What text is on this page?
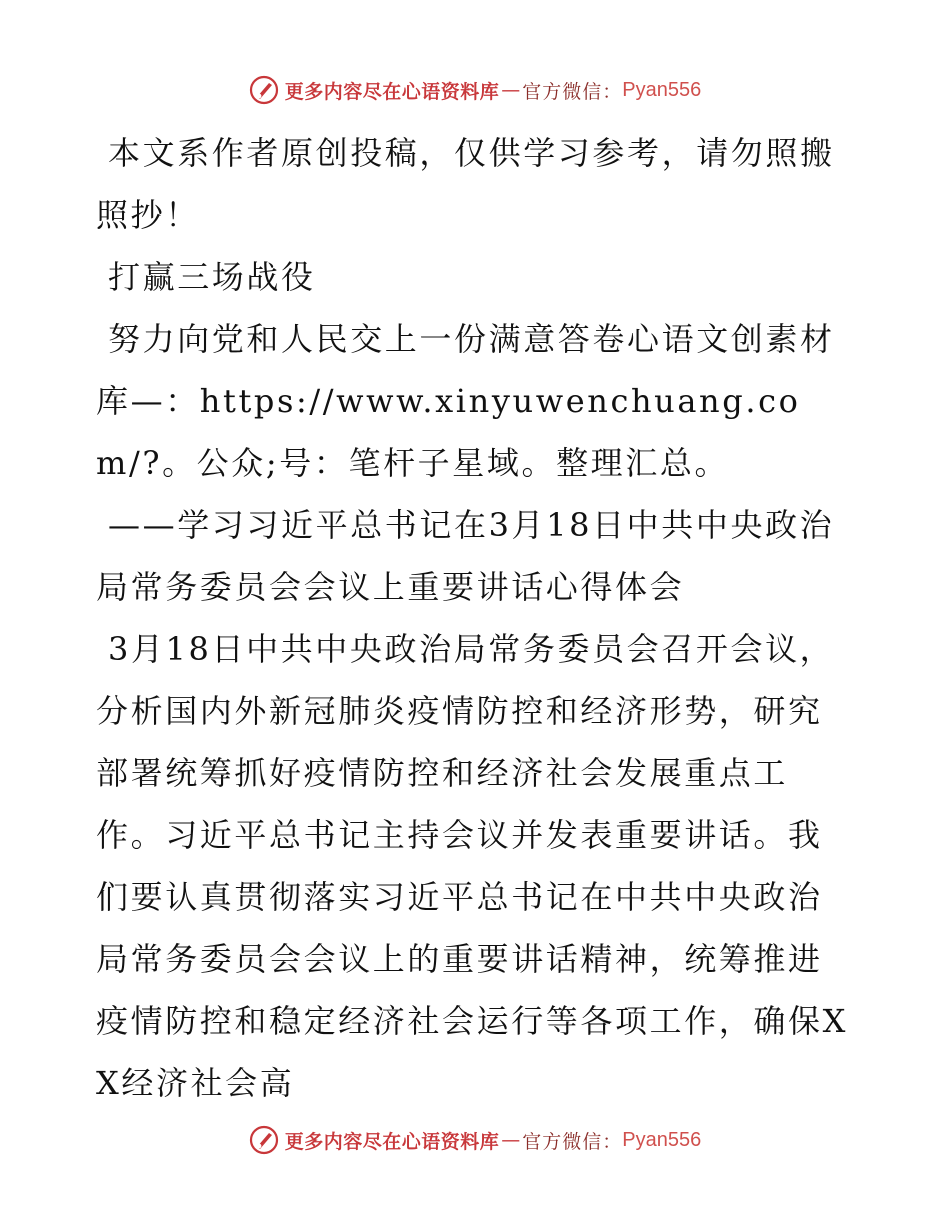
更多内容尽在心语资料库 — 官方微信： Pyan556

本文系作者原创投稿，仅供学习参考，请勿照搬照抄！

打赢三场战役

努力向党和人民交上一份满意答卷心语文创素材库—：https://www.xinyuwenchuang.com/?。公众;号：笔杆子星域。整理汇总。

——学习习近平总书记在3月18日中共中央政治局常务委员会会议上重要讲话心得体会

3月18日中共中央政治局常务委员会召开会议，分析国内外新冠肺炎疫情防控和经济形势，研究部署统筹抓好疫情防控和经济社会发展重点工作。习近平总书记主持会议并发表重要讲话。我们要认真贯彻落实习近平总书记在中共中央政治局常务委员会会议上的重要讲话精神，统筹推进疫情防控和稳定经济社会运行等各项工作，确保XX经济社会高

更多内容尽在心语资料库 — 官方微信： Pyan556
